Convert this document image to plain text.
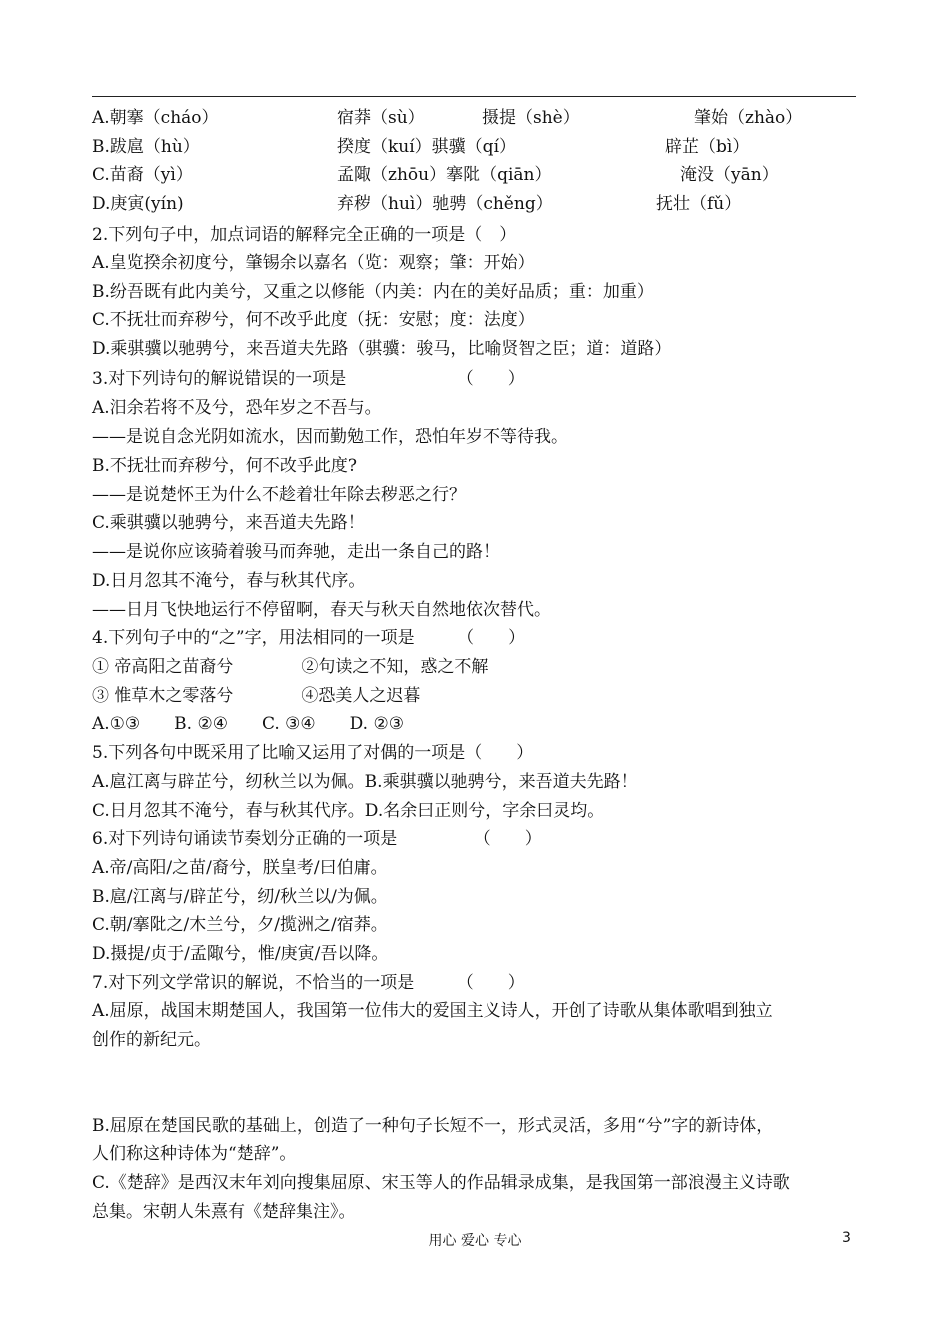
A.朝搴（cháo）	宿莽（sù）	摄提（shè）	肇始（zhào）
B.跋扈（hù）	揆度（kuí）骐骥（qí）	辟芷（bì）
C.苗裔（yì）	孟陬（zhōu）搴阰（qiān）	淹没（yān）
D.庚寅(yín)	弃秽（huì）驰骋（chěng）	抚壮（fǔ）
2.下列句子中，加点词语的解释完全正确的一项是（　）
A.皇览揆余初度兮，肇锡余以嘉名（览：观察；肇：开始）
B.纷吾既有此内美兮，又重之以修能（内美：内在的美好品质；重：加重）
C.不抚壮而弃秽兮，何不改乎此度（抚：安慰；度：法度）
D.乘骐骥以驰骋兮，来吾道夫先路（骐骥：骏马，比喻贤智之臣；道：道路）
3.对下列诗句的解说错误的一项是　　　　　　　（　　）
A.汨余若将不及兮，恐年岁之不吾与。
——是说自念光阴如流水，因而勤勉工作，恐怕年岁不等待我。
B.不抚壮而弃秽兮，何不改乎此度?
——是说楚怀王为什么不趁着壮年除去秽恶之行？
C.乘骐骥以驰骋兮，来吾道夫先路！
——是说你应该骑着骏马而奔驰，走出一条自己的路！
D.日月忽其不淹兮，春与秋其代序。
——日月飞快地运行不停留啊，春天与秋天自然地依次替代。
4.下列句子中的“之”字，用法相同的一项是　　　（　　）
① 帝高阳之苗裔兮　　　　②句读之不知，惑之不解
③ 惟草木之零落兮　　　　④恐美人之迟暮
A.①③　　B. ②④　　C. ③④　　D. ②③
5.下列各句中既采用了比喻又运用了对偶的一项是（　　）
A.扈江离与辟芷兮，纫秋兰以为佩。B.乘骐骥以驰骋兮，来吾道夫先路！
C.日月忽其不淹兮，春与秋其代序。D.名余曰正则兮，字余曰灵均。
6.对下列诗句诵读节奏划分正确的一项是　　　　　（　　）
A.帝/高阳/之苗/裔兮，朕皇考/曰伯庸。
B.扈/江离与/辟芷兮，纫/秋兰以/为佩。
C.朝/搴阰之/木兰兮，夕/揽洲之/宿莽。
D.摄提/贞于/孟陬兮，惟/庚寅/吾以降。
7.对下列文学常识的解说，不恰当的一项是　　　（　　）
A.屈原，战国末期楚国人，我国第一位伟大的爱国主义诗人，开创了诗歌从集体歌唱到独立
创作的新纪元。
B.屈原在楚国民歌的基础上，创造了一种句子长短不一，形式灵活，多用“兮”字的新诗体，
人们称这种诗体为“楚辞”。
C.《楚辞》是西汉末年刘向搜集屈原、宋玉等人的作品辑录成集，是我国第一部浪漫主义诗歌
总集。宋朝人朱熹有《楚辞集注》。
用心 爱心 专心	3
